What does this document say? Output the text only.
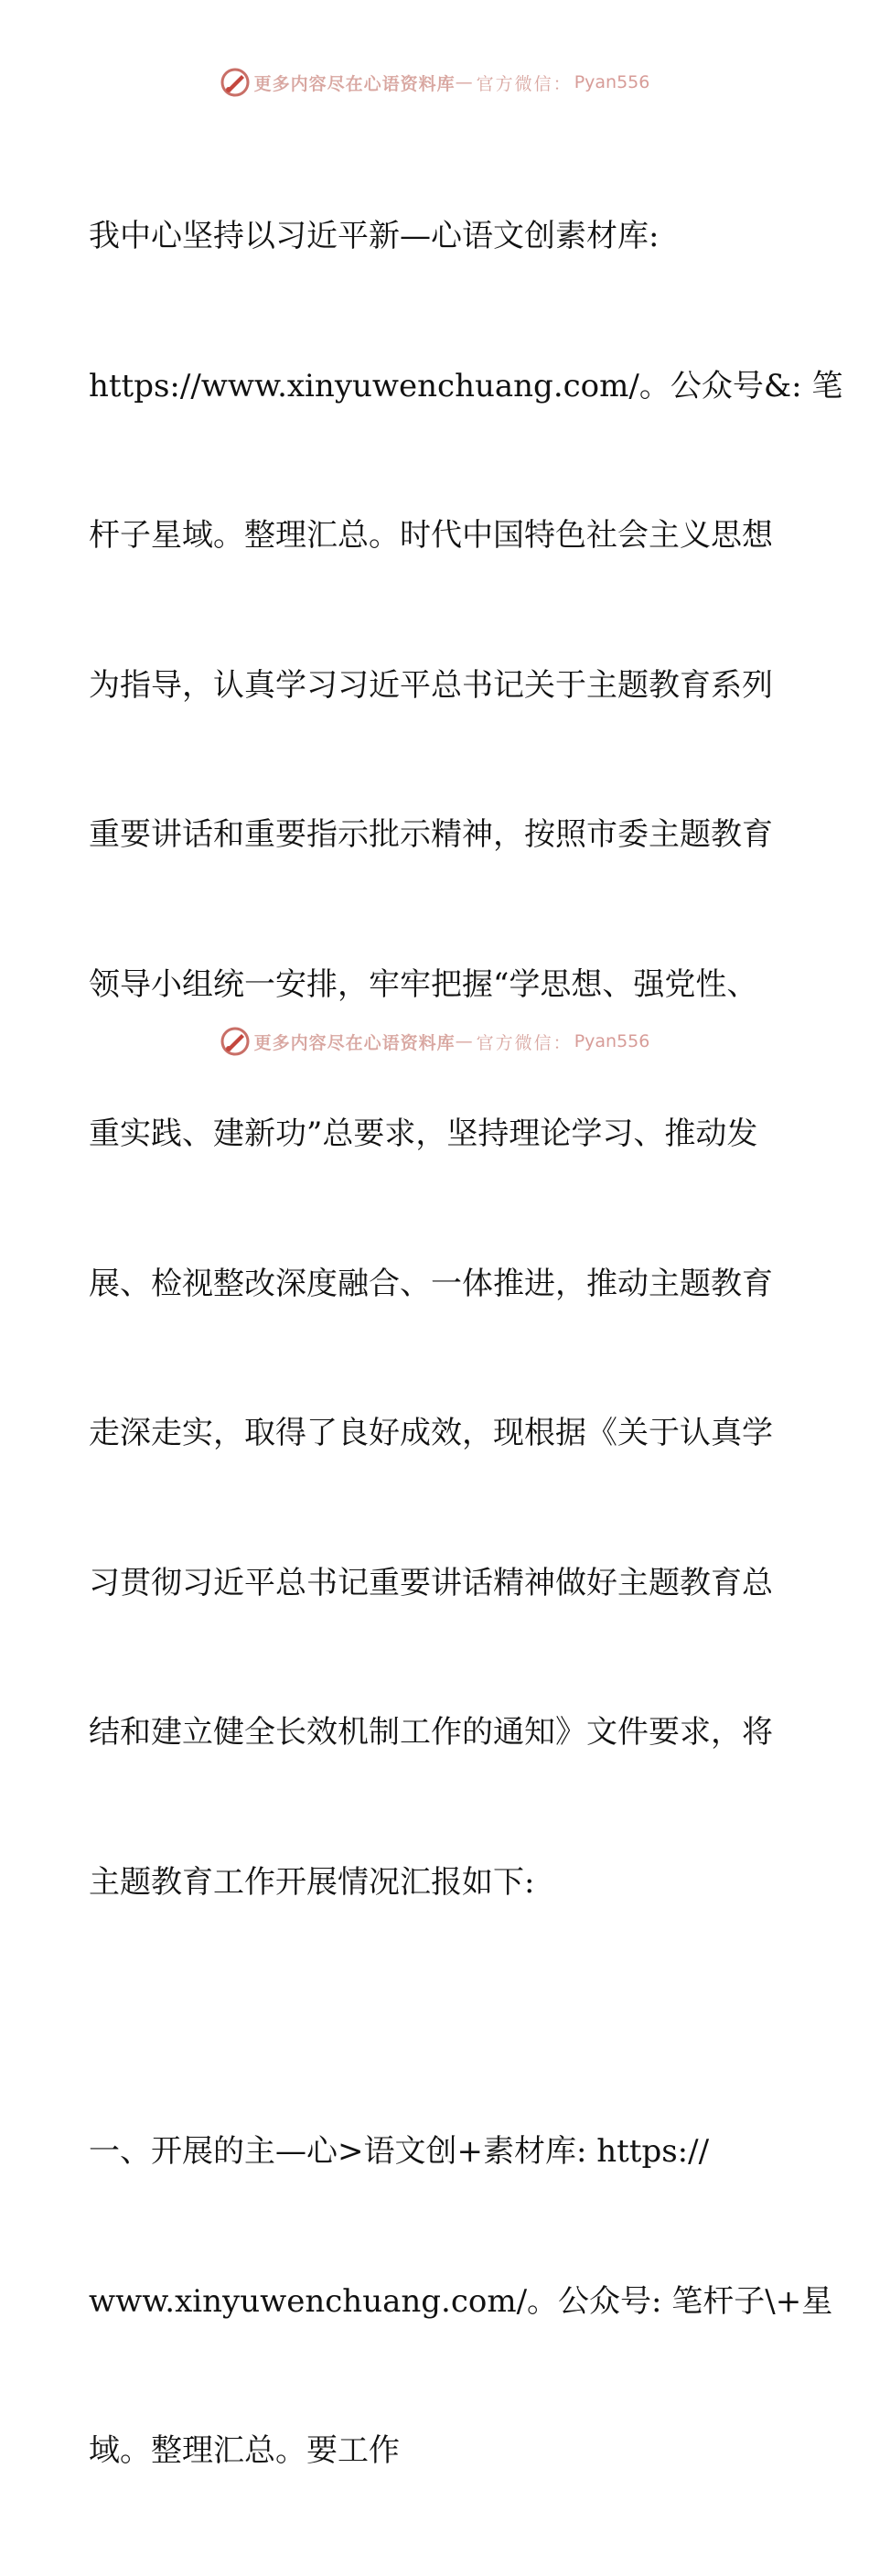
更多内容尽在心语资料库 — 官方微信： Pyan556

我中心坚持以习近平新—心语文创素材库:

https://www.xinyuwenchuang.com/。公众号&: 笔

杆子星域。整理汇总。时代中国特色社会主义思想

为指导，认真学习习近平总书记关于主题教育系列

重要讲话和重要指示批示精神，按照市委主题教育

领导小组统一安排，牢牢把握“学思想、强党性、

重实践、建新功”总要求，坚持理论学习、推动发

展、检视整改深度融合、一体推进，推动主题教育

走深走实，取得了良好成效，现根据《关于认真学

习贯彻习近平总书记重要讲话精神做好主题教育总

结和建立健全长效机制工作的通知》文件要求，将

主题教育工作开展情况汇报如下:

一、开展的主—心>语文创+素材库: https://

www.xinyuwenchuang.com/。公众号: 笔杆子\+星

域。整理汇总。要工作

更多内容尽在心语资料库 — 官方微信： Pyan556
